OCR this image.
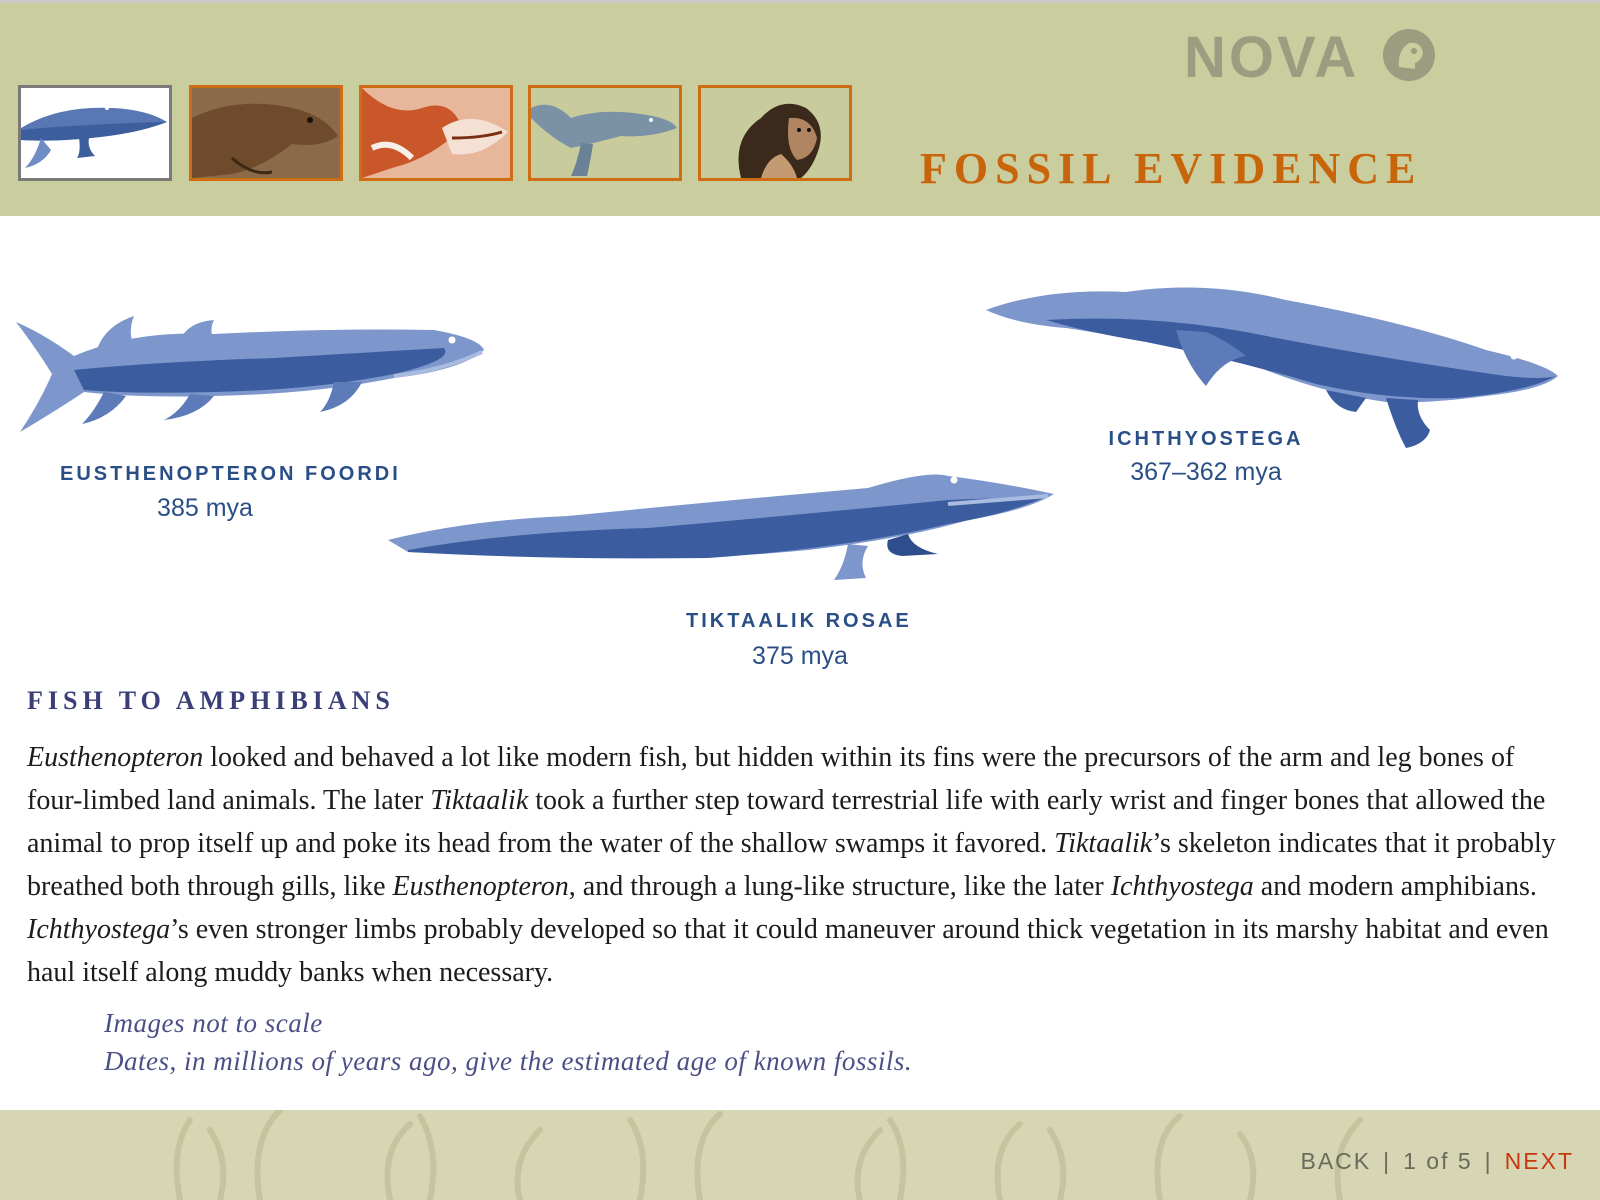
NOVA
FOSSIL EVIDENCE
EUSTHENOPTERON FOORDI
385 mya
TIKTAALIK ROSAE
375 mya
ICHTHYOSTEGA
367–362 mya
FISH TO AMPHIBIANS
Eusthenopteron looked and behaved a lot like modern fish, but hidden within its fins were the precursors of the arm and leg bones of four-limbed land animals. The later Tiktaalik took a further step toward terrestrial life with early wrist and finger bones that allowed the animal to prop itself up and poke its head from the water of the shallow swamps it favored. Tiktaalik’s skeleton indicates that it probably breathed both through gills, like Eusthenopteron, and through a lung-like structure, like the later Ichthyostega and modern amphibians. Ichthyostega’s even stronger limbs probably developed so that it could maneuver around thick vegetation in its marshy habitat and even haul itself along muddy banks when necessary.
Images not to scale
Dates, in millions of years ago, give the estimated age of known fossils.
BACK | 1 of 5 | NEXT
